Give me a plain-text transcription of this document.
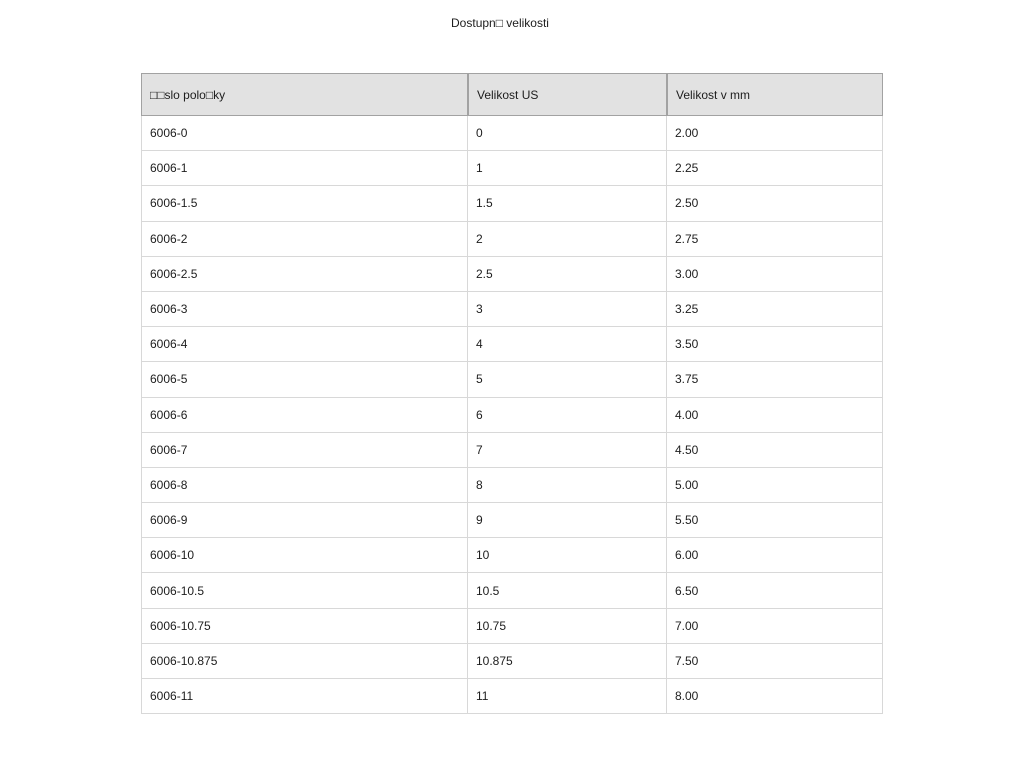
Dostupn□ velikosti
□□slo polo□ky	Velikost US	Velikost v mm
6006-0	0	2.00
6006-1	1	2.25
6006-1.5	1.5	2.50
6006-2	2	2.75
6006-2.5	2.5	3.00
6006-3	3	3.25
6006-4	4	3.50
6006-5	5	3.75
6006-6	6	4.00
6006-7	7	4.50
6006-8	8	5.00
6006-9	9	5.50
6006-10	10	6.00
6006-10.5	10.5	6.50
6006-10.75	10.75	7.00
6006-10.875	10.875	7.50
6006-11	11	8.00
